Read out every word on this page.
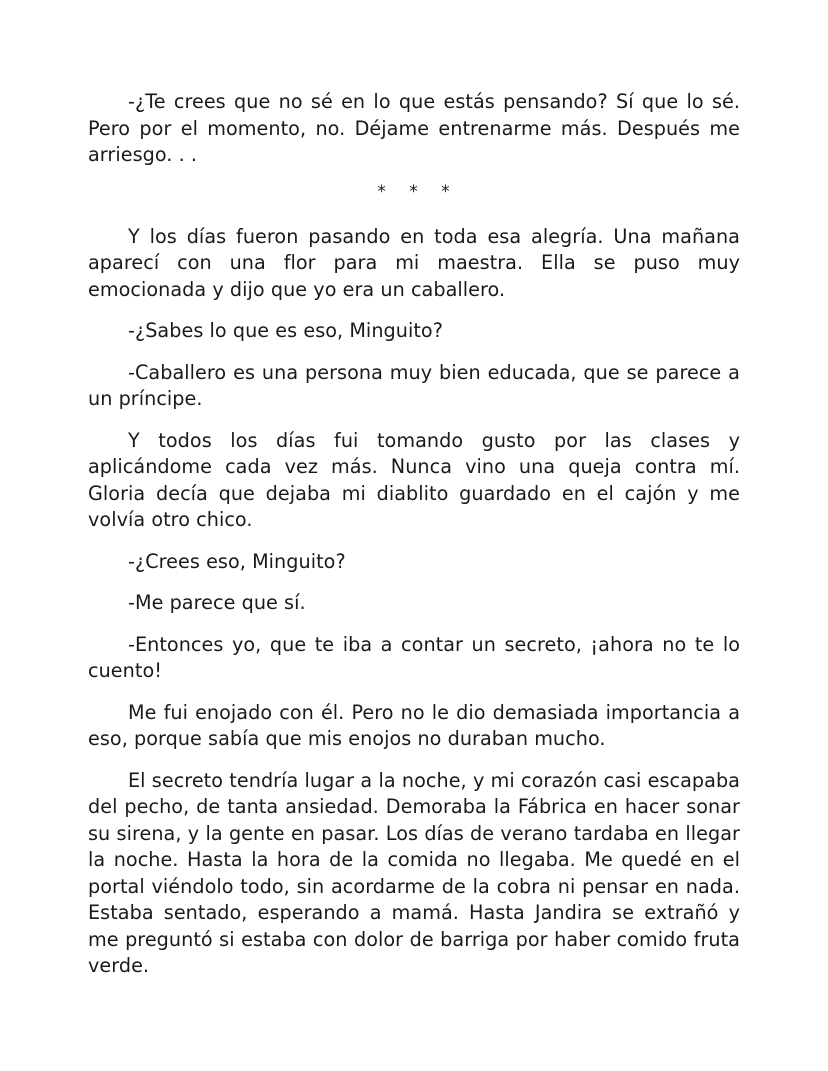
-¿Te crees que no sé en lo que estás pensando? Sí que lo sé. Pero por el momento, no. Déjame entrenarme más. Después me arriesgo. . .

* * *

Y los días fueron pasando en toda esa alegría. Una mañana aparecí con una flor para mi maestra. Ella se puso muy emocionada y dijo que yo era un caballero.

-¿Sabes lo que es eso, Minguito?

-Caballero es una persona muy bien educada, que se parece a un príncipe.

Y todos los días fui tomando gusto por las clases y aplicándome cada vez más. Nunca vino una queja contra mí. Gloria decía que dejaba mi diablito guardado en el cajón y me volvía otro chico.

-¿Crees eso, Minguito?

-Me parece que sí.

-Entonces yo, que te iba a contar un secreto, ¡ahora no te lo cuento!

Me fui enojado con él. Pero no le dio demasiada importancia a eso, porque sabía que mis enojos no duraban mucho.

El secreto tendría lugar a la noche, y mi corazón casi escapaba del pecho, de tanta ansiedad. Demoraba la Fábrica en hacer sonar su sirena, y la gente en pasar. Los días de verano tardaba en llegar la noche. Hasta la hora de la comida no llegaba. Me quedé en el portal viéndolo todo, sin acordarme de la cobra ni pensar en nada. Estaba sentado, esperando a mamá. Hasta Jandira se extrañó y me preguntó si estaba con dolor de barriga por haber comido fruta verde.
